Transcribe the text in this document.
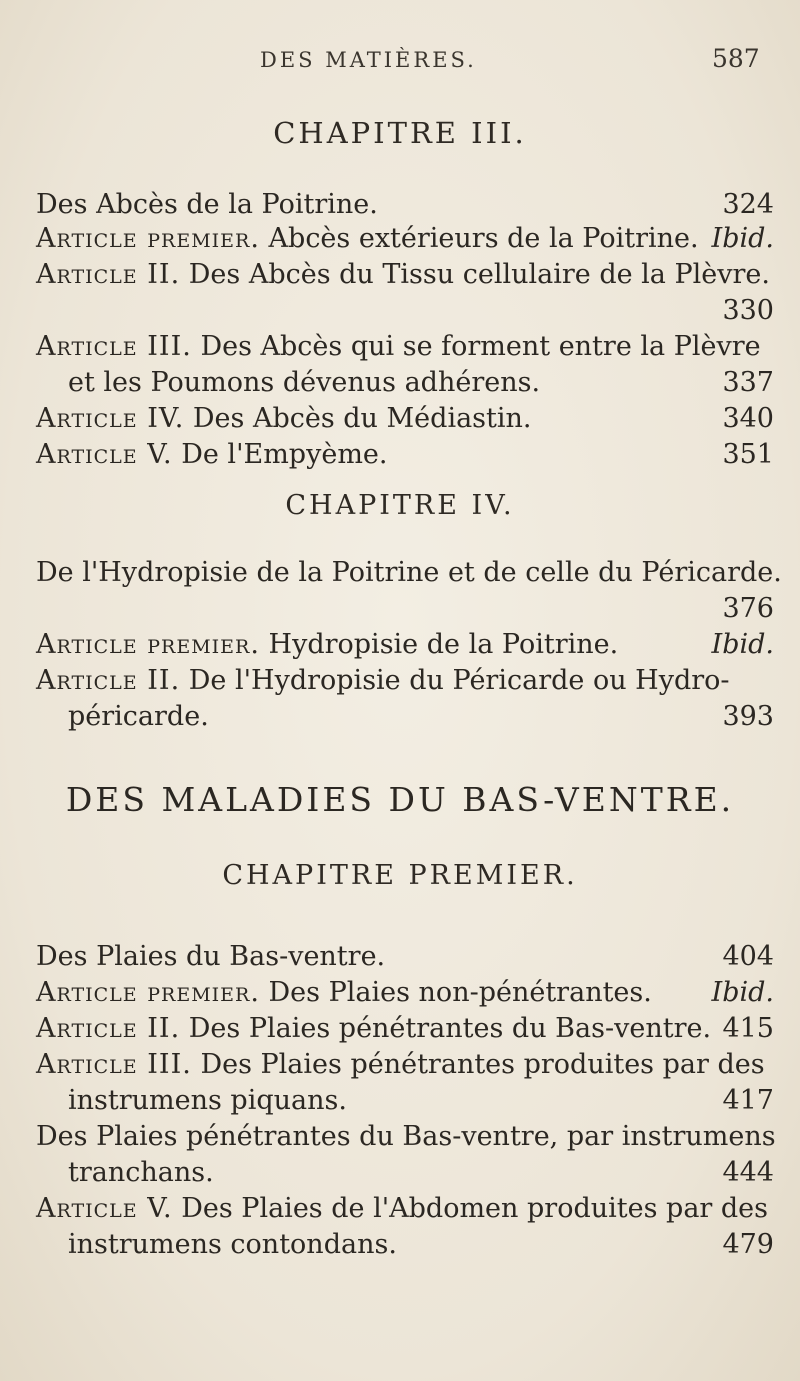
DES MATIÈRES.	587
CHAPITRE III.
Des Abcès de la Poitrine.	324
Article premier. Abcès extérieurs de la Poitrine. Ibid.
Article II. Des Abcès du Tissu cellulaire de la Plèvre.
330
Article III. Des Abcès qui se forment entre la Plèvre
et les Poumons dévenus adhérens.	337
Article IV. Des Abcès du Médiastin.	340
Article V. De l'Empyème.	351
CHAPITRE IV.
De l'Hydropisie de la Poitrine et de celle du Péricarde.
376
Article premier. Hydropisie de la Poitrine.	Ibid.
Article II. De l'Hydropisie du Péricarde ou Hydro-
péricarde.	393
DES MALADIES DU BAS-VENTRE.
CHAPITRE PREMIER.
Des Plaies du Bas-ventre.	404
Article premier. Des Plaies non-pénétrantes. Ibid.
Article II. Des Plaies pénétrantes du Bas-ventre. 415
Article III. Des Plaies pénétrantes produites par des
instrumens piquans.	417
Des Plaies pénétrantes du Bas-ventre, par instrumens
tranchans.	444
Article V. Des Plaies de l'Abdomen produites par des
instrumens contondans.	479
